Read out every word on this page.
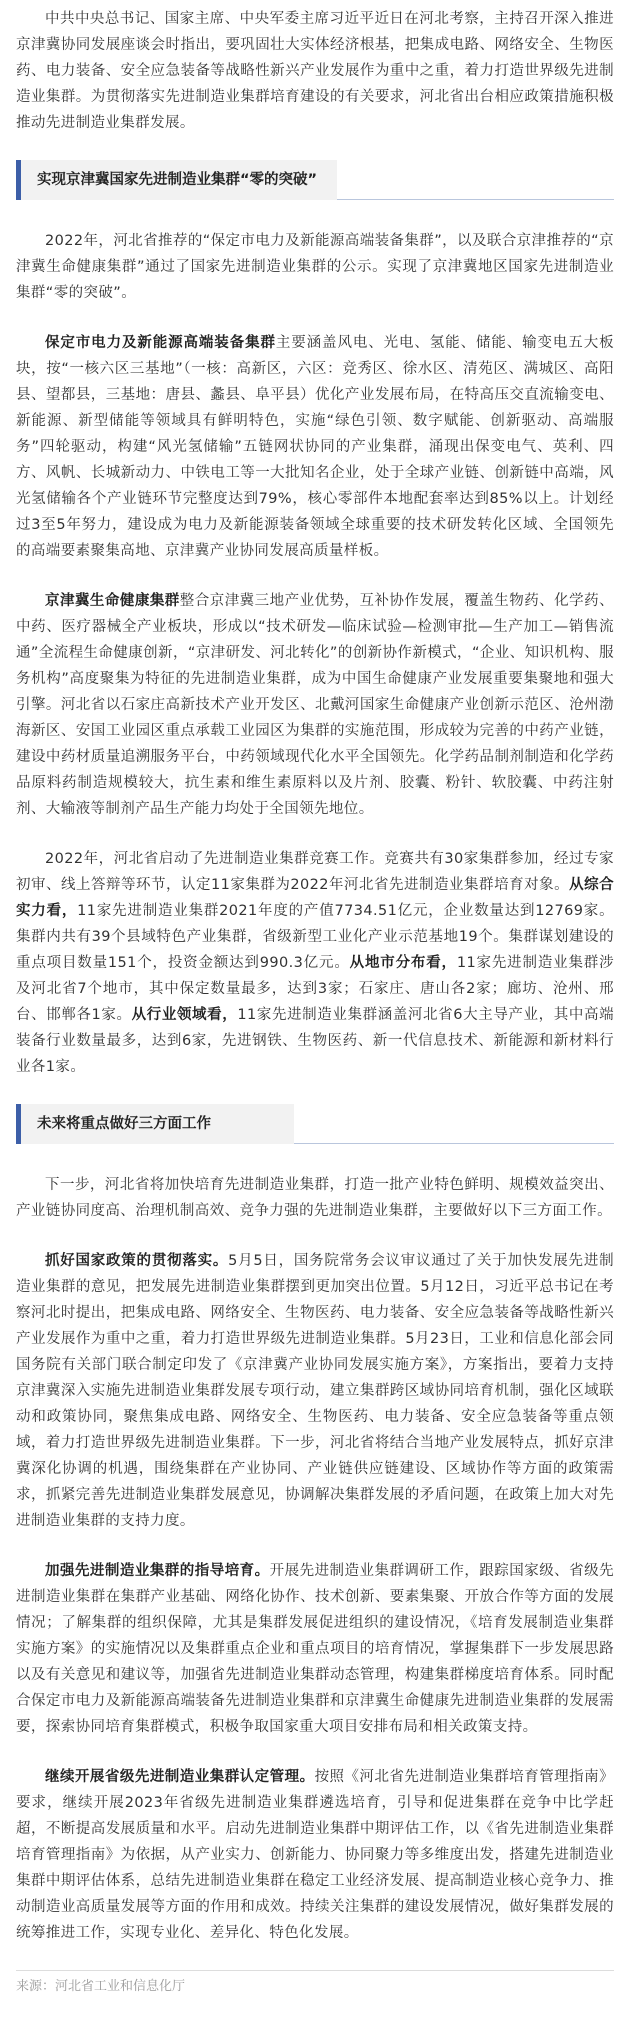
中共中央总书记、国家主席、中央军委主席习近平近日在河北考察，主持召开深入推进京津冀协同发展座谈会时指出，要巩固壮大实体经济根基，把集成电路、网络安全、生物医药、电力装备、安全应急装备等战略性新兴产业发展作为重中之重，着力打造世界级先进制造业集群。为贯彻落实先进制造业集群培育建设的有关要求，河北省出台相应政策措施积极推动先进制造业集群发展。

实现京津冀国家先进制造业集群“零的突破”

2022年，河北省推荐的“保定市电力及新能源高端装备集群”，以及联合京津推荐的“京津冀生命健康集群”通过了国家先进制造业集群的公示。实现了京津冀地区国家先进制造业集群“零的突破”。

保定市电力及新能源高端装备集群主要涵盖风电、光电、氢能、储能、输变电五大板块，按“一核六区三基地”（一核：高新区，六区：竞秀区、徐水区、清苑区、满城区、高阳县、望都县，三基地：唐县、蠡县、阜平县）优化产业发展布局，在特高压交直流输变电、新能源、新型储能等领域具有鲜明特色，实施“绿色引领、数字赋能、创新驱动、高端服务”四轮驱动，构建“风光氢储输”五链网状协同的产业集群，涌现出保变电气、英利、四方、风帆、长城新动力、中铁电工等一大批知名企业，处于全球产业链、创新链中高端，风光氢储输各个产业链环节完整度达到79%，核心零部件本地配套率达到85%以上。计划经过3至5年努力，建设成为电力及新能源装备领域全球重要的技术研发转化区域、全国领先的高端要素聚集高地、京津冀产业协同发展高质量样板。

京津冀生命健康集群整合京津冀三地产业优势，互补协作发展，覆盖生物药、化学药、中药、医疗器械全产业板块，形成以“技术研发—临床试验—检测审批—生产加工—销售流通”全流程生命健康创新，“京津研发、河北转化”的创新协作新模式，“企业、知识机构、服务机构”高度聚集为特征的先进制造业集群，成为中国生命健康产业发展重要集聚地和强大引擎。河北省以石家庄高新技术产业开发区、北戴河国家生命健康产业创新示范区、沧州渤海新区、安国工业园区重点承载工业园区为集群的实施范围，形成较为完善的中药产业链，建设中药材质量追溯服务平台，中药领域现代化水平全国领先。化学药品制剂制造和化学药品原料药制造规模较大，抗生素和维生素原料以及片剂、胶囊、粉针、软胶囊、中药注射剂、大输液等制剂产品生产能力均处于全国领先地位。

2022年，河北省启动了先进制造业集群竞赛工作。竞赛共有30家集群参加，经过专家初审、线上答辩等环节，认定11家集群为2022年河北省先进制造业集群培育对象。从综合实力看，11家先进制造业集群2021年度的产值7734.51亿元，企业数量达到12769家。集群内共有39个县域特色产业集群，省级新型工业化产业示范基地19个。集群谋划建设的重点项目数量151个，投资金额达到990.3亿元。从地市分布看，11家先进制造业集群涉及河北省7个地市，其中保定数量最多，达到3家；石家庄、唐山各2家；廊坊、沧州、邢台、邯郸各1家。从行业领域看，11家先进制造业集群涵盖河北省6大主导产业，其中高端装备行业数量最多，达到6家，先进钢铁、生物医药、新一代信息技术、新能源和新材料行业各1家。

未来将重点做好三方面工作

下一步，河北省将加快培育先进制造业集群，打造一批产业特色鲜明、规模效益突出、产业链协同度高、治理机制高效、竞争力强的先进制造业集群，主要做好以下三方面工作。

抓好国家政策的贯彻落实。5月5日，国务院常务会议审议通过了关于加快发展先进制造业集群的意见，把发展先进制造业集群摆到更加突出位置。5月12日，习近平总书记在考察河北时提出，把集成电路、网络安全、生物医药、电力装备、安全应急装备等战略性新兴产业发展作为重中之重，着力打造世界级先进制造业集群。5月23日，工业和信息化部会同国务院有关部门联合制定印发了《京津冀产业协同发展实施方案》，方案指出，要着力支持京津冀深入实施先进制造业集群发展专项行动，建立集群跨区域协同培育机制，强化区域联动和政策协同，聚焦集成电路、网络安全、生物医药、电力装备、安全应急装备等重点领域，着力打造世界级先进制造业集群。下一步，河北省将结合当地产业发展特点，抓好京津冀深化协调的机遇，围绕集群在产业协同、产业链供应链建设、区域协作等方面的政策需求，抓紧完善先进制造业集群发展意见，协调解决集群发展的矛盾问题，在政策上加大对先进制造业集群的支持力度。

加强先进制造业集群的指导培育。开展先进制造业集群调研工作，跟踪国家级、省级先进制造业集群在集群产业基础、网络化协作、技术创新、要素集聚、开放合作等方面的发展情况；了解集群的组织保障，尤其是集群发展促进组织的建设情况，《培育发展制造业集群实施方案》的实施情况以及集群重点企业和重点项目的培育情况，掌握集群下一步发展思路以及有关意见和建议等，加强省先进制造业集群动态管理，构建集群梯度培育体系。同时配合保定市电力及新能源高端装备先进制造业集群和京津冀生命健康先进制造业集群的发展需要，探索协同培育集群模式，积极争取国家重大项目安排布局和相关政策支持。

继续开展省级先进制造业集群认定管理。按照《河北省先进制造业集群培育管理指南》要求，继续开展2023年省级先进制造业集群遴选培育，引导和促进集群在竞争中比学赶超，不断提高发展质量和水平。启动先进制造业集群中期评估工作，以《省先进制造业集群培育管理指南》为依据，从产业实力、创新能力、协同聚力等多维度出发，搭建先进制造业集群中期评估体系，总结先进制造业集群在稳定工业经济发展、提高制造业核心竞争力、推动制造业高质量发展等方面的作用和成效。持续关注集群的建设发展情况，做好集群发展的统筹推进工作，实现专业化、差异化、特色化发展。

来源：河北省工业和信息化厅
